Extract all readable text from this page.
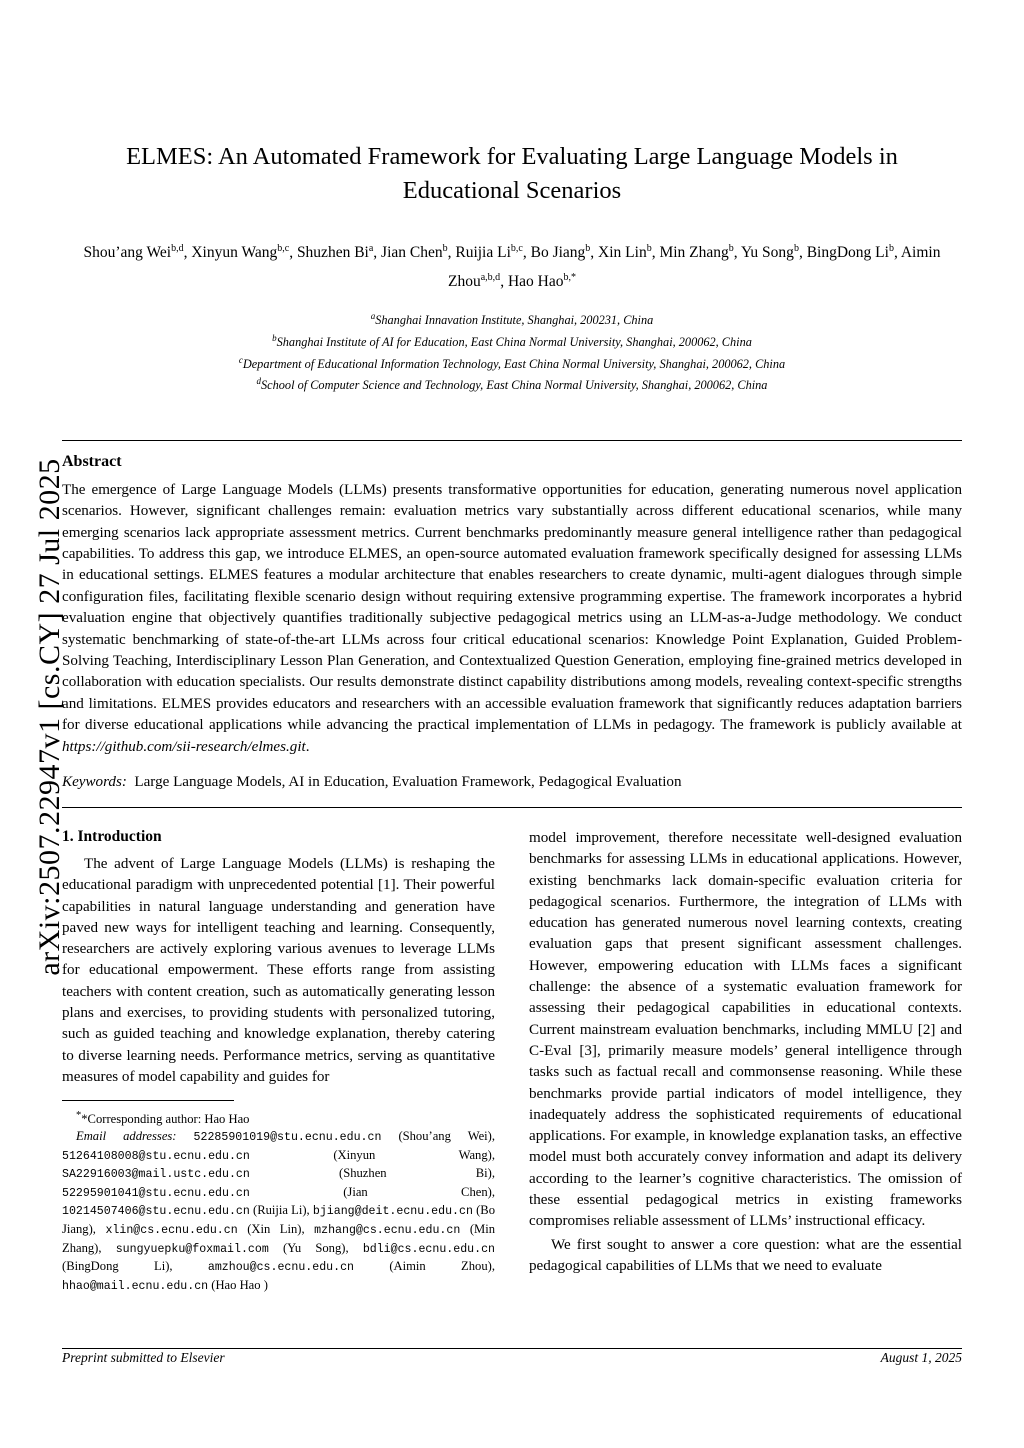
arXiv:2507.22947v1 [cs.CY] 27 Jul 2025
ELMES: An Automated Framework for Evaluating Large Language Models in Educational Scenarios
Shou’ang Wei$^{b,d}$, Xinyun Wang$^{b,c}$, Shuzhen Bi$^a$, Jian Chen$^b$, Ruijia Li$^{b,c}$, Bo Jiang$^b$, Xin Lin$^b$, Min Zhang$^b$, Yu Song$^b$, BingDong Li$^b$, Aimin Zhou$^{a,b,d}$, Hao Hao$^{b,*}$
$^a$Shanghai Innavation Institute, Shanghai, 200231, China
$^b$Shanghai Institute of AI for Education, East China Normal University, Shanghai, 200062, China
$^c$Department of Educational Information Technology, East China Normal University, Shanghai, 200062, China
$^d$School of Computer Science and Technology, East China Normal University, Shanghai, 200062, China
Abstract
The emergence of Large Language Models (LLMs) presents transformative opportunities for education, generating numerous novel application scenarios. However, significant challenges remain: evaluation metrics vary substantially across different educational scenarios, while many emerging scenarios lack appropriate assessment metrics. Current benchmarks predominantly measure general intelligence rather than pedagogical capabilities. To address this gap, we introduce ELMES, an open-source automated evaluation framework specifically designed for assessing LLMs in educational settings. ELMES features a modular architecture that enables researchers to create dynamic, multi-agent dialogues through simple configuration files, facilitating flexible scenario design without requiring extensive programming expertise. The framework incorporates a hybrid evaluation engine that objectively quantifies traditionally subjective pedagogical metrics using an LLM-as-a-Judge methodology. We conduct systematic benchmarking of state-of-the-art LLMs across four critical educational scenarios: Knowledge Point Explanation, Guided Problem-Solving Teaching, Interdisciplinary Lesson Plan Generation, and Contextualized Question Generation, employing fine-grained metrics developed in collaboration with education specialists. Our results demonstrate distinct capability distributions among models, revealing context-specific strengths and limitations. ELMES provides educators and researchers with an accessible evaluation framework that significantly reduces adaptation barriers for diverse educational applications while advancing the practical implementation of LLMs in pedagogy. The framework is publicly available at https://github.com/sii-research/elmes.git.
Keywords: Large Language Models, AI in Education, Evaluation Framework, Pedagogical Evaluation
1. Introduction

The advent of Large Language Models (LLMs) is reshaping the educational paradigm with unprecedented potential [1]. Their powerful capabilities in natural language understanding and generation have paved new ways for intelligent teaching and learning. Consequently, researchers are actively exploring various avenues to leverage LLMs for educational empowerment. These efforts range from assisting teachers with content creation, such as automatically generating lesson plans and exercises, to providing students with personalized tutoring, such as guided teaching and knowledge explanation, thereby catering to diverse learning needs. Performance metrics, serving as quantitative measures of model capability and guides for

**Corresponding author: Hao Hao
Email addresses: 52285901019@stu.ecnu.edu.cn (Shou’ang Wei), 51264108008@stu.ecnu.edu.cn	(Xinyun Wang), SA22916003@mail.ustc.edu.cn	(Shuzhen Bi), 52295901041@stu.ecnu.edu.cn	(Jian Chen), 10214507406@stu.ecnu.edu.cn (Ruijia Li), bjiang@deit.ecnu.edu.cn (Bo Jiang), xlin@cs.ecnu.edu.cn (Xin Lin), mzhang@cs.ecnu.edu.cn (Min Zhang), sungyuepku@foxmail.com (Yu Song), bdli@cs.ecnu.edu.cn (BingDong Li),	amzhou@cs.ecnu.edu.cn	(Aimin Zhou), hhao@mail.ecnu.edu.cn (Hao Hao )

model improvement, therefore necessitate well-designed evaluation benchmarks for assessing LLMs in educational applications. However, existing benchmarks lack domain-specific evaluation criteria for pedagogical scenarios. Furthermore, the integration of LLMs with education has generated numerous novel learning contexts, creating evaluation gaps that present significant assessment challenges. However, empowering education with LLMs faces a significant challenge: the absence of a systematic evaluation framework for assessing their pedagogical capabilities in educational contexts. Current mainstream evaluation benchmarks, including MMLU [2] and C-Eval [3], primarily measure models’ general intelligence through tasks such as factual recall and commonsense reasoning. While these benchmarks provide partial indicators of model intelligence, they inadequately address the sophisticated requirements of educational applications. For example, in knowledge explanation tasks, an effective model must both accurately convey information and adapt its delivery according to the learner’s cognitive characteristics. The omission of these essential pedagogical metrics in existing frameworks compromises reliable assessment of LLMs’ instructional efficacy.

We first sought to answer a core question: what are the essential pedagogical capabilities of LLMs that we need to evaluate

Preprint submitted to Elsevier	August 1, 2025
